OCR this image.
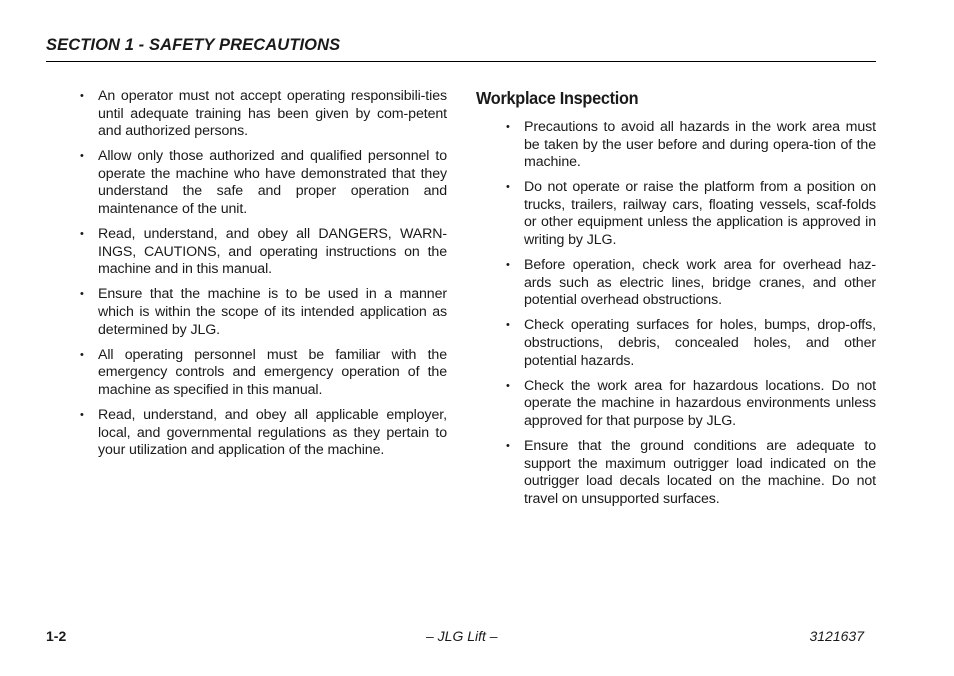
SECTION 1 - SAFETY PRECAUTIONS
• An operator must not accept operating responsibili-ties until adequate training has been given by com-petent and authorized persons.
• Allow only those authorized and qualified personnel to operate the machine who have demonstrated that they understand the safe and proper operation and maintenance of the unit.
• Read, understand, and obey all DANGERS, WARN-INGS, CAUTIONS, and operating instructions on the machine and in this manual.
• Ensure that the machine is to be used in a manner which is within the scope of its intended application as determined by JLG.
• All operating personnel must be familiar with the emergency controls and emergency operation of the machine as specified in this manual.
• Read, understand, and obey all applicable employer, local, and governmental regulations as they pertain to your utilization and application of the machine.
Workplace Inspection
• Precautions to avoid all hazards in the work area must be taken by the user before and during opera-tion of the machine.
• Do not operate or raise the platform from a position on trucks, trailers, railway cars, floating vessels, scaf-folds or other equipment unless the application is approved in writing by JLG.
• Before operation, check work area for overhead haz-ards such as electric lines, bridge cranes, and other potential overhead obstructions.
• Check operating surfaces for holes, bumps, drop-offs, obstructions, debris, concealed holes, and other potential hazards.
• Check the work area for hazardous locations. Do not operate the machine in hazardous environments unless approved for that purpose by JLG.
• Ensure that the ground conditions are adequate to support the maximum outrigger load indicated on the outrigger load decals located on the machine. Do not travel on unsupported surfaces.
1-2	– JLG Lift –	3121637
